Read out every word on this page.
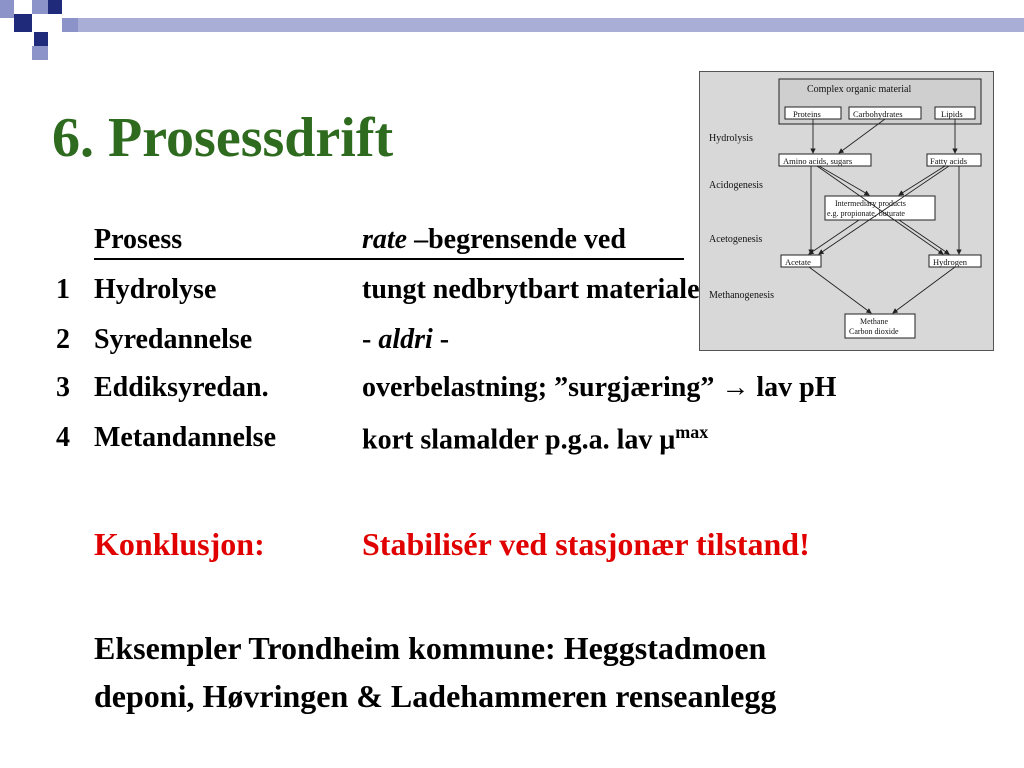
6. Prosessdrift
Prosess	rate –begrensende ved
1 Hydrolyse	tungt nedbrytbart materiale
2 Syredannelse	- aldri -
3 Eddiksyredan.	overbelastning; ”surgjæring” → lav pH
4 Metandannelse	kort slamalder p.g.a. lav $\mu^{max}$
Konklusjon:	Stabilisér ved stasjonær tilstand!
Eksempler Trondheim kommune: Heggstadmoen
deponi, Høvringen & Ladehammeren renseanlegg
Complex organic material
Proteins	Carbohydrates	Lipids
Hydrolysis
Acidogenesis
Acetogenesis
Methanogenesis
Amino acids, sugars	Fatty acids
Intermediary products
e.g. propionate, buturate
Acetate	Hydrogen
Methane
Carbon dioxide
